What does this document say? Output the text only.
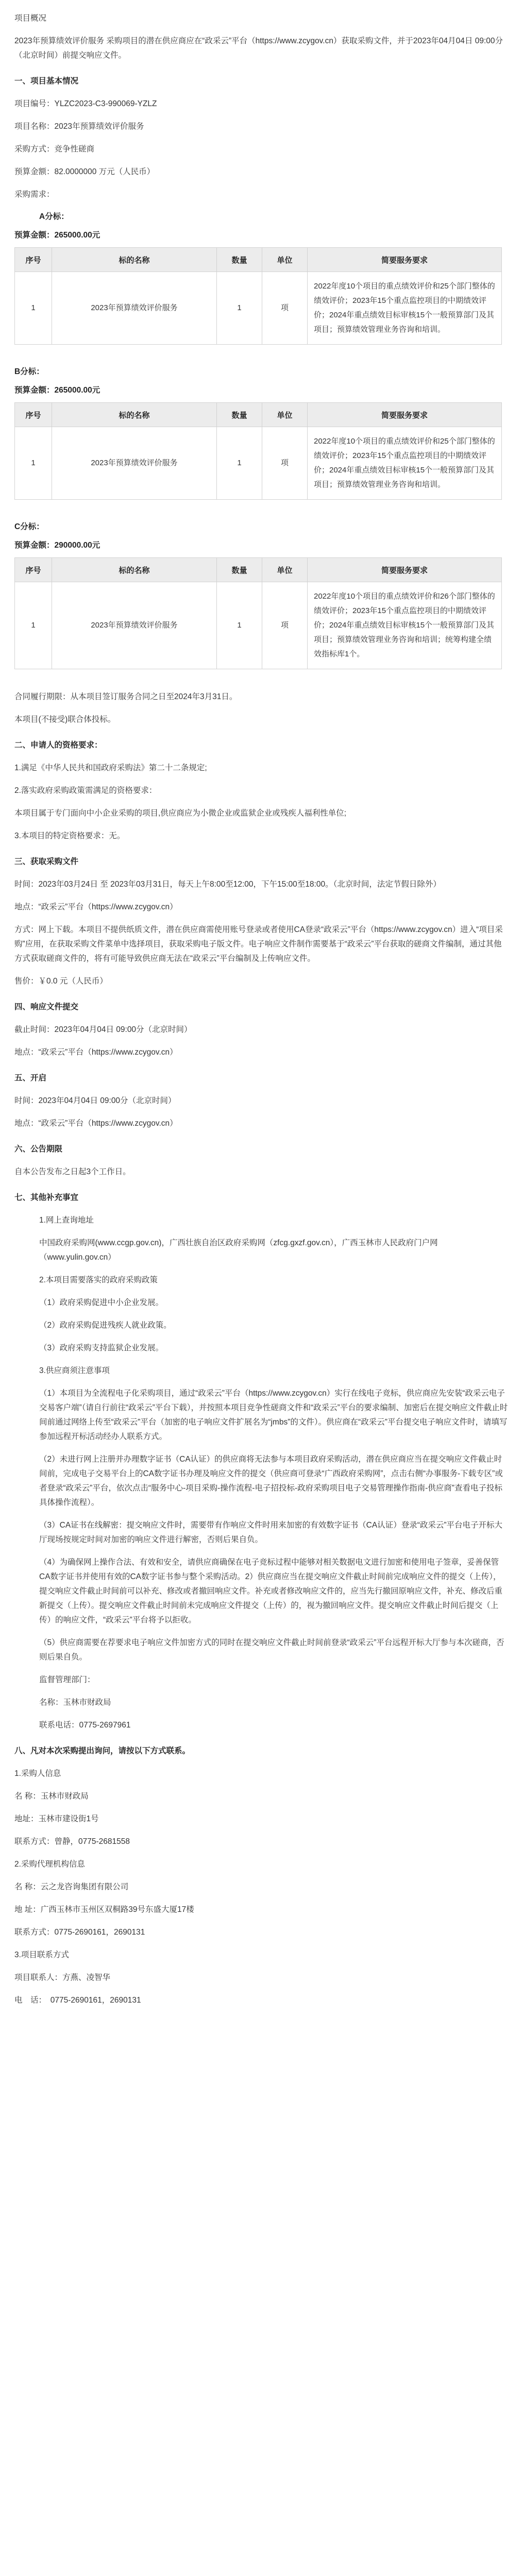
项目概况
2023年预算绩效评价服务 采购项目的潜在供应商应在“政采云”平台（https://www.zcygov.cn）获取采购文件，并于2023年04月04日 09:00分（北京时间）前提交响应文件。
一、项目基本情况
项目编号：YLZC2023-C3-990069-YZLZ
项目名称：2023年预算绩效评价服务
采购方式：竞争性磋商
预算金额：82.0000000 万元（人民币）
采购需求：
A分标：
预算金额：265000.00元
序号	标的名称	数量	单位	简要服务要求
1	2023年预算绩效评价服务	1	项	2022年度10个项目的重点绩效评价和25个部门整体的绩效评价；2023年15个重点监控项目的中期绩效评价；2024年重点绩效目标审核15个一般预算部门及其项目；预算绩效管理业务咨询和培训。
B分标：
预算金额：265000.00元
序号	标的名称	数量	单位	简要服务要求
1	2023年预算绩效评价服务	1	项	2022年度10个项目的重点绩效评价和25个部门整体的绩效评价；2023年15个重点监控项目的中期绩效评价；2024年重点绩效目标审核15个一般预算部门及其项目；预算绩效管理业务咨询和培训。
C分标：
预算金额：290000.00元
序号	标的名称	数量	单位	简要服务要求
1	2023年预算绩效评价服务	1	项	2022年度10个项目的重点绩效评价和26个部门整体的绩效评价；2023年15个重点监控项目的中期绩效评价；2024年重点绩效目标审核15个一般预算部门及其项目；预算绩效管理业务咨询和培训；统筹构建全绩效指标库1个。
合同履行期限：从本项目签订服务合同之日至2024年3月31日。
本项目(不接受)联合体投标。
二、申请人的资格要求：
1.满足《中华人民共和国政府采购法》第二十二条规定;
2.落实政府采购政策需满足的资格要求：
本项目属于专门面向中小企业采购的项目,供应商应为小微企业或监狱企业或残疾人福利性单位;
3.本项目的特定资格要求：无。
三、获取采购文件
时间：2023年03月24日 至 2023年03月31日，每天上午8:00至12:00，下午15:00至18:00。（北京时间，法定节假日除外）
地点：“政采云”平台（https://www.zcygov.cn）
方式：网上下载。本项目不提供纸质文件，潜在供应商需使用账号登录或者使用CA登录“政采云”平台（https://www.zcygov.cn）进入“项目采购”应用，在获取采购文件菜单中选择项目，获取采购电子版文件。电子响应文件制作需要基于“政采云”平台获取的磋商文件编制，通过其他方式获取磋商文件的，将有可能导致供应商无法在“政采云”平台编制及上传响应文件。
售价：￥0.0 元（人民币）
四、响应文件提交
截止时间：2023年04月04日 09:00分（北京时间）
地点：“政采云”平台（https://www.zcygov.cn）
五、开启
时间：2023年04月04日 09:00分（北京时间）
地点：“政采云”平台（https://www.zcygov.cn）
六、公告期限
自本公告发布之日起3个工作日。
七、其他补充事宜
1.网上查询地址
中国政府采购网(www.ccgp.gov.cn)，广西壮族自治区政府采购网（zfcg.gxzf.gov.cn），广西玉林市人民政府门户网（www.yulin.gov.cn）
2.本项目需要落实的政府采购政策
（1）政府采购促进中小企业发展。
（2）政府采购促进残疾人就业政策。
（3）政府采购支持监狱企业发展。
3.供应商须注意事项
（1）本项目为全流程电子化采购项目，通过“政采云”平台（https://www.zcygov.cn）实行在线电子竞标，供应商应先安装“政采云电子交易客户端”（请自行前往“政采云”平台下载），并按照本项目竞争性磋商文件和“政采云”平台的要求编制、加密后在提交响应文件截止时间前通过网络上传至“政采云”平台（加密的电子响应文件扩展名为“jmbs”的文件）。供应商在“政采云”平台提交电子响应文件时，请填写参加远程开标活动经办人联系方式。
（2）未进行网上注册并办理数字证书（CA认证）的供应商将无法参与本项目政府采购活动，潜在供应商应当在提交响应文件截止时间前，完成电子交易平台上的CA数字证书办理及响应文件的提交（供应商可登录“广西政府采购网”，点击右侧“办事服务-下载专区”或者登录“政采云”平台，依次点击“服务中心-项目采购-操作流程-电子招投标-政府采购项目电子交易管理操作指南-供应商”查看电子投标具体操作流程）。
（3）CA证书在线解密：提交响应文件时，需要带有作响应文件时用来加密的有效数字证书（CA认证）登录“政采云”平台电子开标大厅现场按规定时间对加密的响应文件进行解密，否则后果自负。
（4）为确保网上操作合法、有效和安全，请供应商确保在电子竞标过程中能够对相关数据电文进行加密和使用电子签章，妥善保管CA数字证书并使用有效的CA数字证书参与整个采购活动。2）供应商应当在提交响应文件截止时间前完成响应文件的提交（上传），提交响应文件截止时间前可以补充、修改或者撤回响应文件。补充或者修改响应文件的，应当先行撤回原响应文件，补充、修改后重新提交（上传）。提交响应文件截止时间前未完成响应文件提交（上传）的，视为撤回响应文件。提交响应文件截止时间后提交（上传）的响应文件，“政采云”平台将予以拒收。
（5）供应商需要在荐要求电子响应文件加密方式的同时在提交响应文件截止时间前登录“政采云”平台远程开标大厅参与本次磋商，否则后果自负。
监督管理部门：
名称：玉林市财政局
联系电话：0775-2697961
八、凡对本次采购提出询问，请按以下方式联系。
1.采购人信息
名 称：玉林市财政局
地址：玉林市建设街1号
联系方式：曾静，0775-2681558
2.采购代理机构信息
名 称：云之龙咨询集团有限公司
地 址：广西玉林市玉州区双桐路39号东盛大厦17楼
联系方式：0775-2690161，2690131
3.项目联系方式
项目联系人：方燕、凌智华
电　话：　0775-2690161，2690131
